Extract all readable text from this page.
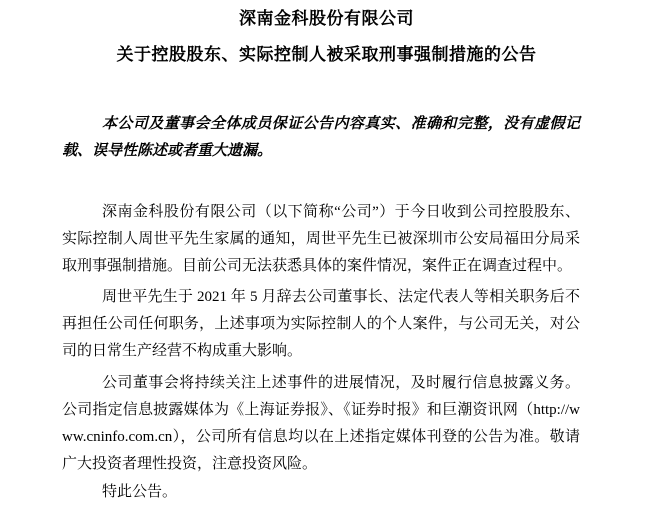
深南金科股份有限公司
关于控股股东、实际控制人被采取刑事强制措施的公告

本公司及董事会全体成员保证公告内容真实、准确和完整，没有虚假记载、误导性陈述或者重大遗漏。

深南金科股份有限公司（以下简称“公司”）于今日收到公司控股股东、实际控制人周世平先生家属的通知，周世平先生已被深圳市公安局福田分局采取刑事强制措施。目前公司无法获悉具体的案件情况，案件正在调查过程中。

周世平先生于 2021 年 5 月辞去公司董事长、法定代表人等相关职务后不再担任公司任何职务，上述事项为实际控制人的个人案件，与公司无关，对公司的日常生产经营不构成重大影响。

公司董事会将持续关注上述事件的进展情况，及时履行信息披露义务。公司指定信息披露媒体为《上海证券报》、《证券时报》和巨潮资讯网（http://www.cninfo.com.cn），公司所有信息均以在上述指定媒体刊登的公告为准。敬请广大投资者理性投资，注意投资风险。

特此公告。
